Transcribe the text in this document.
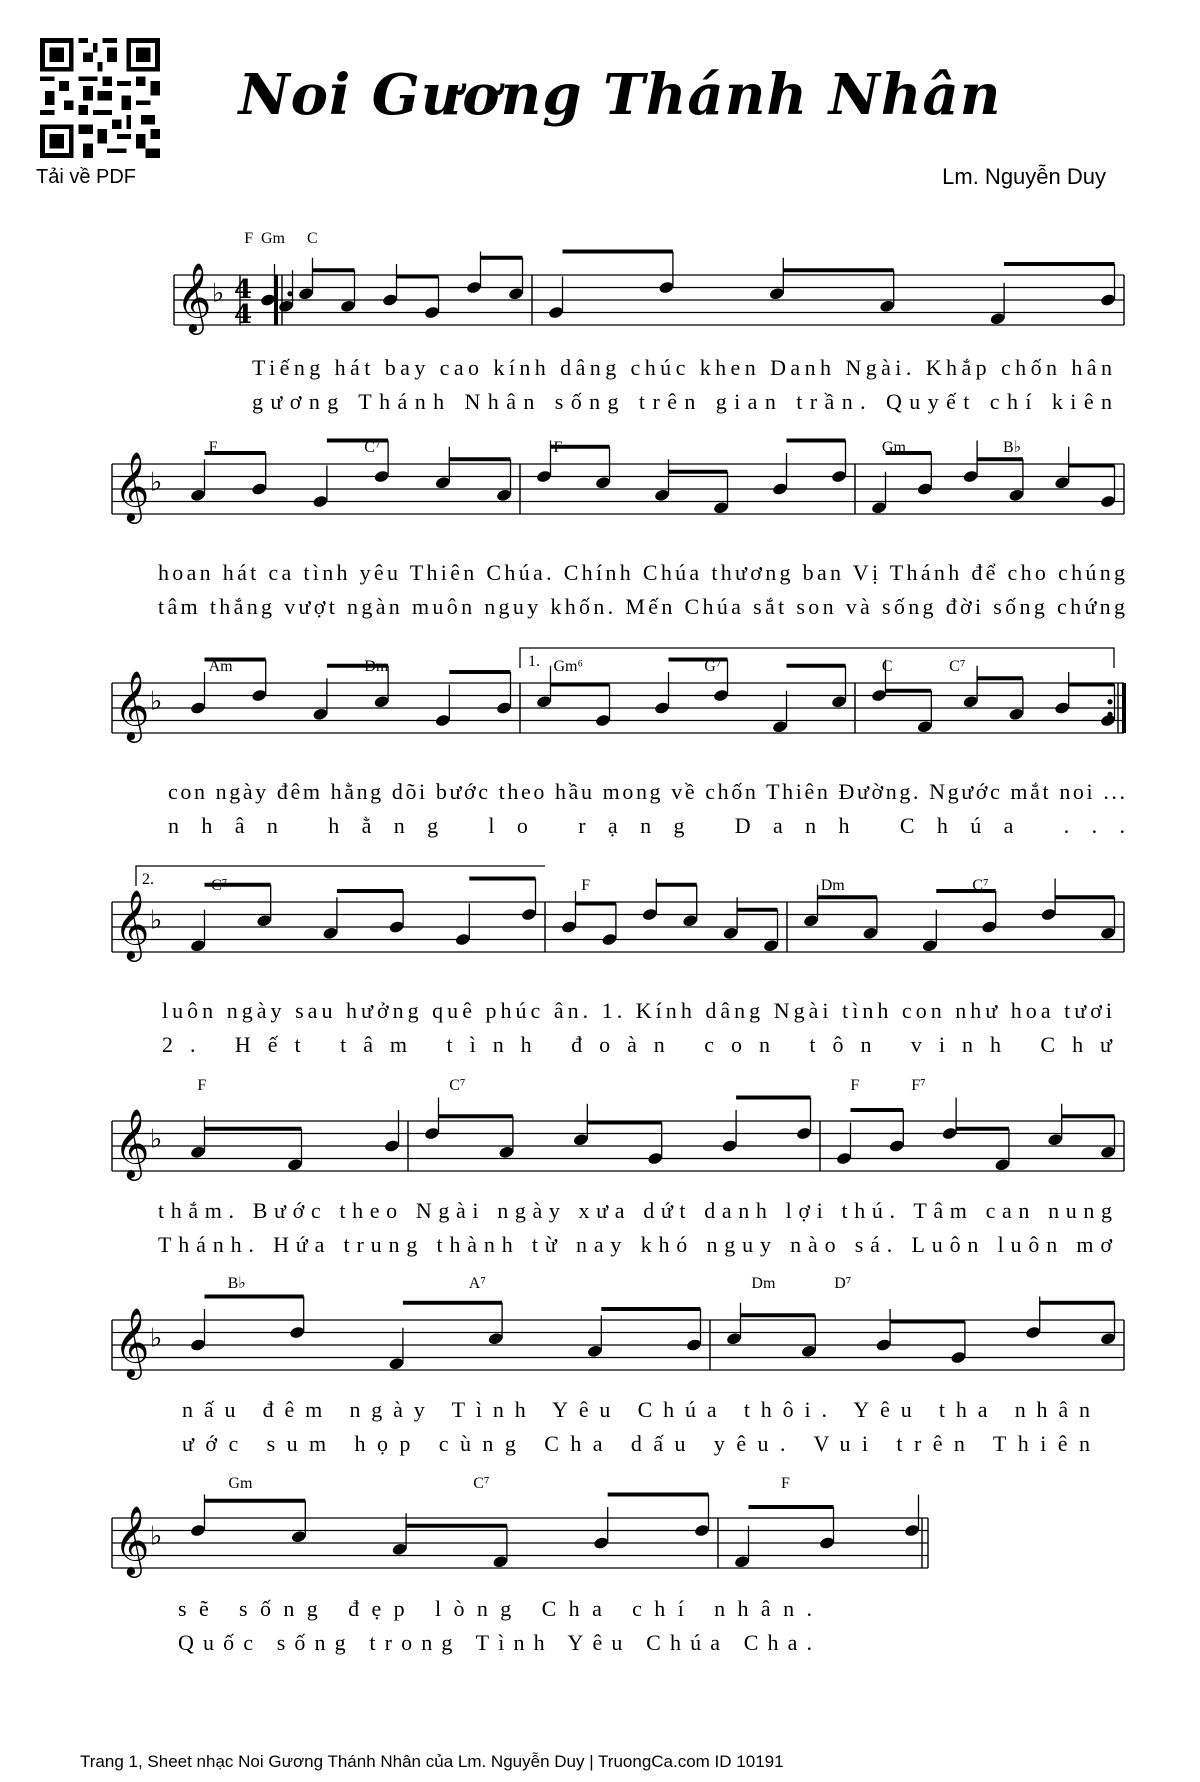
Tải về PDF
Noi Gương Thánh Nhân
Lm. Nguyễn Duy
𝄞 ♭ 4
4
F Gm C
Tiếng hát bay cao kính dâng chúc khen Danh Ngài. Khắp chốn hân
gương Thánh Nhân sống trên gian trần. Quyết chí kiên
𝄞 ♭
F	C⁷	F	Gm	B♭
hoan hát ca tình yêu Thiên Chúa. Chính Chúa thương ban Vị Thánh để cho chúng
tâm thắng vượt ngàn muôn nguy khốn. Mến Chúa sắt son và sống đời sống chứng
𝄞 ♭
Am	Dm	Gm⁶	G⁷	C	C⁷
con ngày đêm hằng dõi bước theo hầu mong về chốn Thiên Đường. Ngước mắt noi ...
nhân hằng lo rạng Danh Chúa ...
𝄞 ♭
C⁷	F	Dm	C⁷
luôn ngày sau hưởng quê phúc ân. 1. Kính dâng Ngài tình con như hoa tươi
2. Hết tâm tình đoàn con tôn vinh Chư
𝄞 ♭
F	C⁷	F	F⁷
thắm. Bước theo Ngài ngày xưa dứt danh lợi thú. Tâm can nung
Thánh. Hứa trung thành từ nay khó nguy nào sá. Luôn luôn mơ
𝄞 ♭
B♭	A⁷	Dm	D⁷
nấu đêm ngày Tình Yêu Chúa thôi. Yêu tha nhân
ước sum họp cùng Cha dấu yêu. Vui trên Thiên
𝄞 ♭
Gm	C⁷	F
sẽ sống đẹp lòng Cha chí nhân.
Quốc sống trong Tình Yêu Chúa Cha.
1.
2.
Trang 1, Sheet nhạc Noi Gương Thánh Nhân của Lm. Nguyễn Duy | TruongCa.com ID 10191
